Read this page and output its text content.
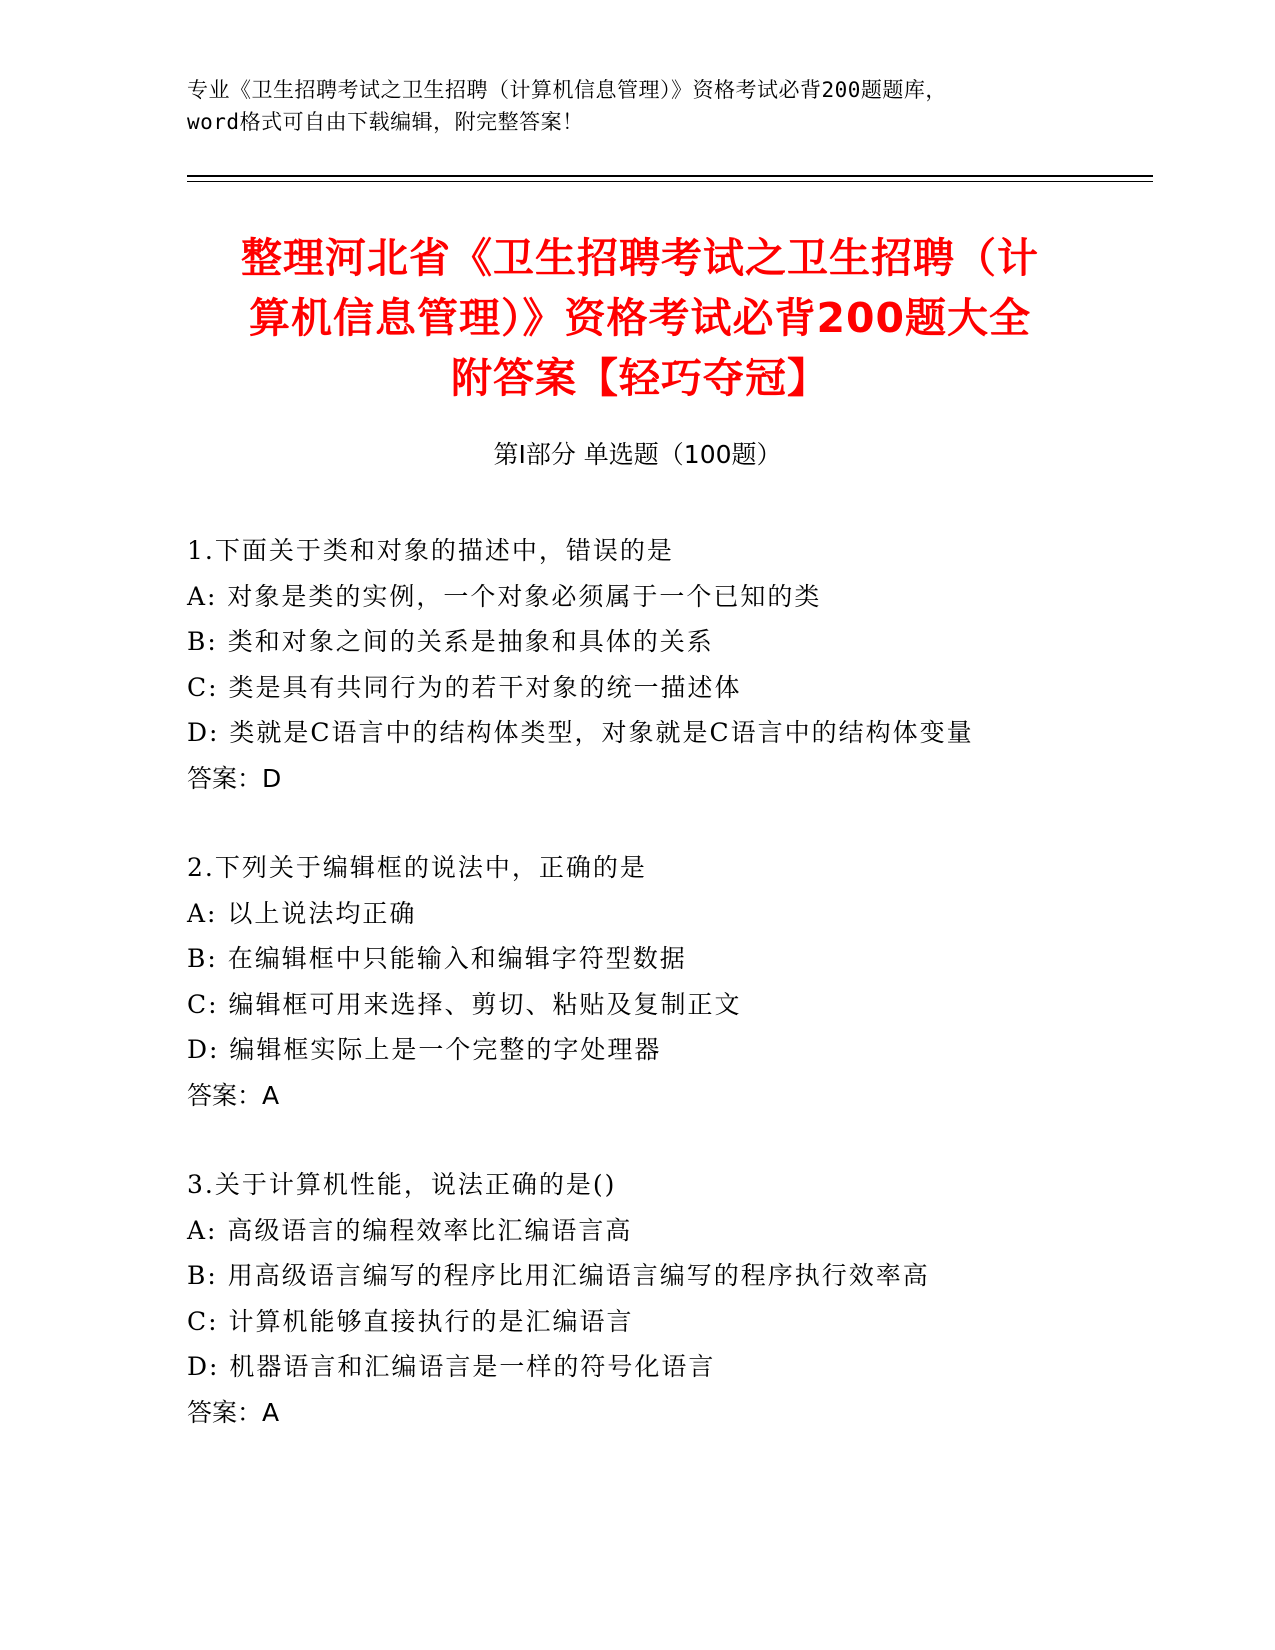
专业《卫生招聘考试之卫生招聘（计算机信息管理）》资格考试必背200题题库，
word格式可自由下载编辑，附完整答案！
整理河北省《卫生招聘考试之卫生招聘（计
算机信息管理）》资格考试必背200题大全
附答案【轻巧夺冠】
第I部分 单选题（100题）
1.下面关于类和对象的描述中，错误的是
A: 对象是类的实例，一个对象必须属于一个已知的类
B: 类和对象之间的关系是抽象和具体的关系
C: 类是具有共同行为的若干对象的统一描述体
D: 类就是C语言中的结构体类型，对象就是C语言中的结构体变量
答案：D
2.下列关于编辑框的说法中，正确的是
A: 以上说法均正确
B: 在编辑框中只能输入和编辑字符型数据
C: 编辑框可用来选择、剪切、粘贴及复制正文
D: 编辑框实际上是一个完整的字处理器
答案：A
3.关于计算机性能，说法正确的是()
A: 高级语言的编程效率比汇编语言高
B: 用高级语言编写的程序比用汇编语言编写的程序执行效率高
C: 计算机能够直接执行的是汇编语言
D: 机器语言和汇编语言是一样的符号化语言
答案：A
